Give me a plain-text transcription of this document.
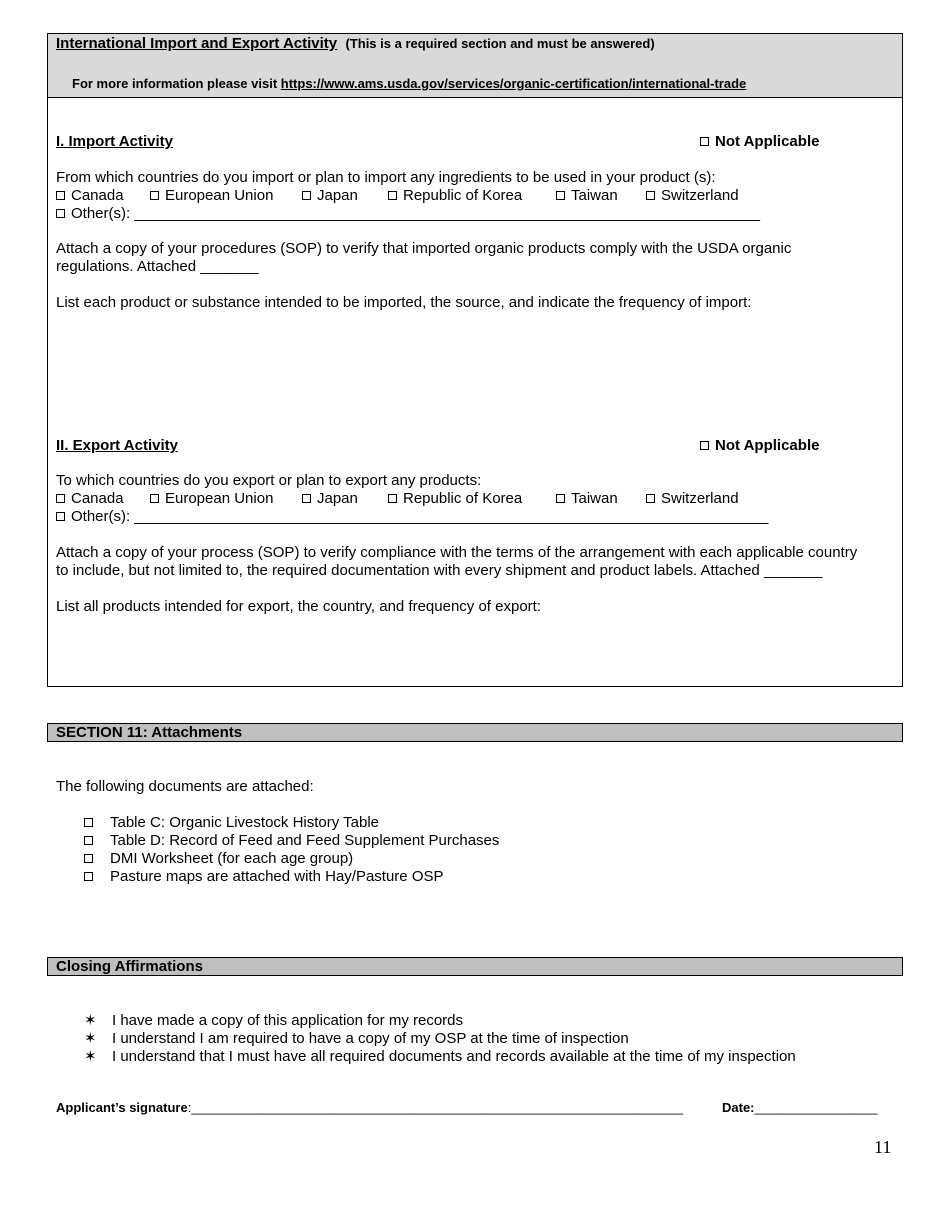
International Import and Export Activity (This is a required section and must be answered)
For more information please visit https://www.ams.usda.gov/services/organic-certification/international-trade
I. Import Activity	Not Applicable
From which countries do you import or plan to import any ingredients to be used in your product (s):
Canada	European Union	Japan	Republic of Korea	Taiwan	Switzerland
Other(s): ___________________________________________________________________________
Attach a copy of your procedures (SOP) to verify that imported organic products comply with the USDA organic
regulations. Attached _______
List each product or substance intended to be imported, the source, and indicate the frequency of import:
II. Export Activity	Not Applicable
To which countries do you export or plan to export any products:
Canada	European Union	Japan	Republic of Korea	Taiwan	Switzerland
Other(s): ____________________________________________________________________________
Attach a copy of your process (SOP) to verify compliance with the terms of the arrangement with each applicable country
to include, but not limited to, the required documentation with every shipment and product labels. Attached _______
List all products intended for export, the country, and frequency of export:
SECTION 11: Attachments
The following documents are attached:
Table C: Organic Livestock History Table
Table D: Record of Feed and Feed Supplement Purchases
DMI Worksheet (for each age group)
Pasture maps are attached with Hay/Pasture OSP
Closing Affirmations
✶ I have made a copy of this application for my records
✶ I understand I am required to have a copy of my OSP at the time of inspection
✶ I understand that I must have all required documents and records available at the time of my inspection
Applicant’s signature:____________________________________________________________________	Date:_________________
11
